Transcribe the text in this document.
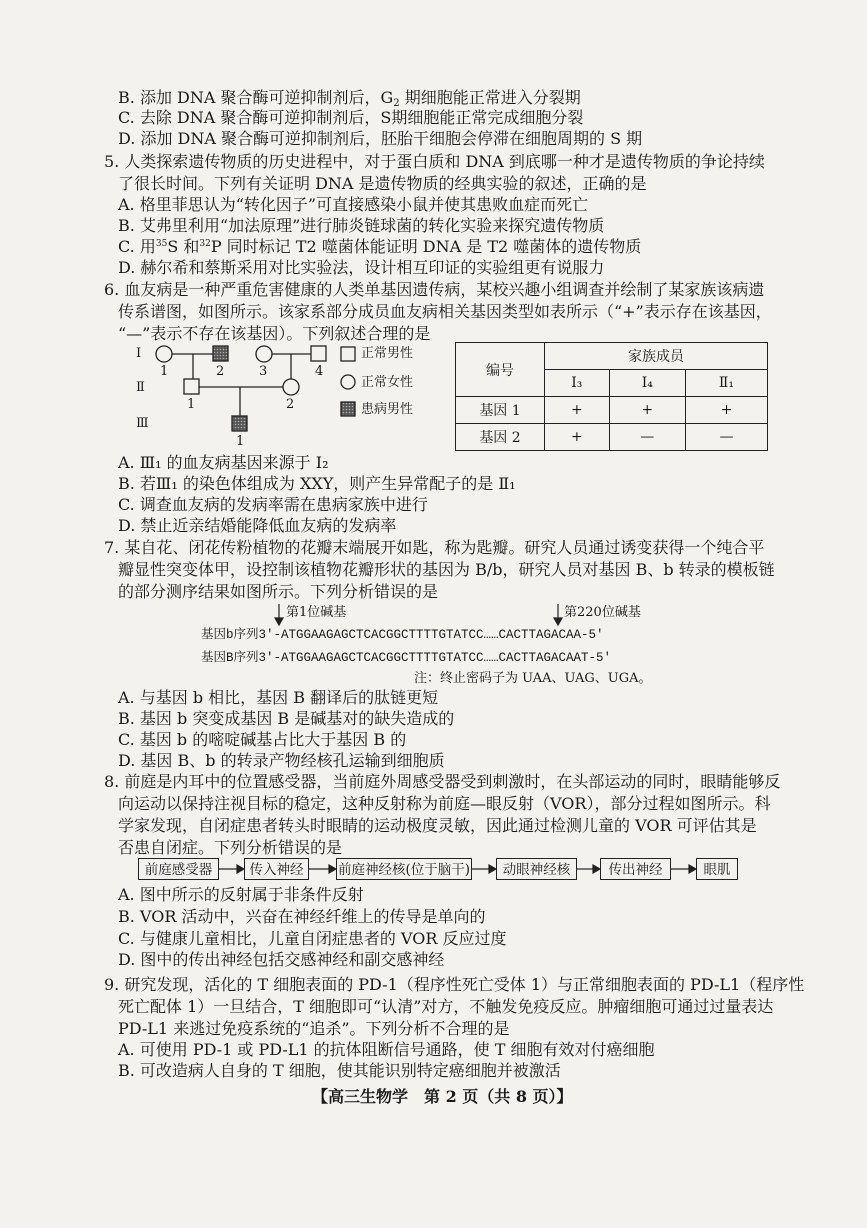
B. 添加 DNA 聚合酶可逆抑制剂后，$G_2$ 期细胞能正常进入分裂期
C. 去除 DNA 聚合酶可逆抑制剂后，S期细胞能正常完成细胞分裂
D. 添加 DNA 聚合酶可逆抑制剂后，胚胎干细胞会停滞在细胞周期的 S 期
5. 人类探索遗传物质的历史进程中，对于蛋白质和 DNA 到底哪一种才是遗传物质的争论持续
了很长时间。下列有关证明 DNA 是遗传物质的经典实验的叙述，正确的是
A. 格里菲思认为“转化因子”可直接感染小鼠并使其患败血症而死亡
B. 艾弗里利用“加法原理”进行肺炎链球菌的转化实验来探究遗传物质
C. 用$^{35}$S 和$^{32}$P 同时标记 T2 噬菌体能证明 DNA 是 T2 噬菌体的遗传物质
D. 赫尔希和蔡斯采用对比实验法，设计相互印证的实验组更有说服力
6. 血友病是一种严重危害健康的人类单基因遗传病，某校兴趣小组调查并绘制了某家族该病遗
传系谱图，如图所示。该家系部分成员血友病相关基因类型如表所示（“+”表示存在该基因，
“—”表示不存在该基因）。下列叙述合理的是
Ⅰ
Ⅱ
Ⅲ
1	2	3	4
1	2
1
正常男性
正常女性
患病男性
编号	家族成员		
	Ⅰ₃	Ⅰ₄	Ⅱ₁
基因 1	+	+	+
基因 2	+	—	—
A. Ⅲ₁ 的血友病基因来源于 Ⅰ₂
B. 若Ⅲ₁ 的染色体组成为 XXY，则产生异常配子的是 Ⅱ₁
C. 调查血友病的发病率需在患病家族中进行
D. 禁止近亲结婚能降低血友病的发病率
7. 某自花、闭花传粉植物的花瓣末端展开如匙，称为匙瓣。研究人员通过诱变获得一个纯合平
瓣显性突变体甲，设控制该植物花瓣形状的基因为 B/b，研究人员对基因 B、b 转录的模板链
的部分测序结果如图所示。下列分析错误的是
第1位碱基	第220位碱基
基因b序列3′-ATGGAAGAGCTCACGGCTTTTGTATCC……CACTTAGACAA-5′
基因B序列3′-ATGGAAGAGCTCACGGCTTTTGTATCC……CACTTAGACAAT-5′
注：终止密码子为 UAA、UAG、UGA。
A. 与基因 b 相比，基因 B 翻译后的肽链更短
B. 基因 b 突变成基因 B 是碱基对的缺失造成的
C. 基因 b 的嘧啶碱基占比大于基因 B 的
D. 基因 B、b 的转录产物经核孔运输到细胞质
8. 前庭是内耳中的位置感受器，当前庭外周感受器受到刺激时，在头部运动的同时，眼睛能够反
向运动以保持注视目标的稳定，这种反射称为前庭—眼反射（VOR），部分过程如图所示。科
学家发现，自闭症患者转头时眼睛的运动极度灵敏，因此通过检测儿童的 VOR 可评估其是
否患自闭症。下列分析错误的是
前庭感受器	传入神经	前庭神经核(位于脑干)	动眼神经核	传出神经	眼肌
A. 图中所示的反射属于非条件反射
B. VOR 活动中，兴奋在神经纤维上的传导是单向的
C. 与健康儿童相比，儿童自闭症患者的 VOR 反应过度
D. 图中的传出神经包括交感神经和副交感神经
9. 研究发现，活化的 T 细胞表面的 PD-1（程序性死亡受体 1）与正常细胞表面的 PD-L1（程序性
死亡配体 1）一旦结合，T 细胞即可“认清”对方，不触发免疫反应。肿瘤细胞可通过过量表达
PD-L1 来逃过免疫系统的“追杀”。下列分析不合理的是
A. 可使用 PD-1 或 PD-L1 的抗体阻断信号通路，使 T 细胞有效对付癌细胞
B. 可改造病人自身的 T 细胞，使其能识别特定癌细胞并被激活
【高三生物学　第 2 页（共 8 页）】
